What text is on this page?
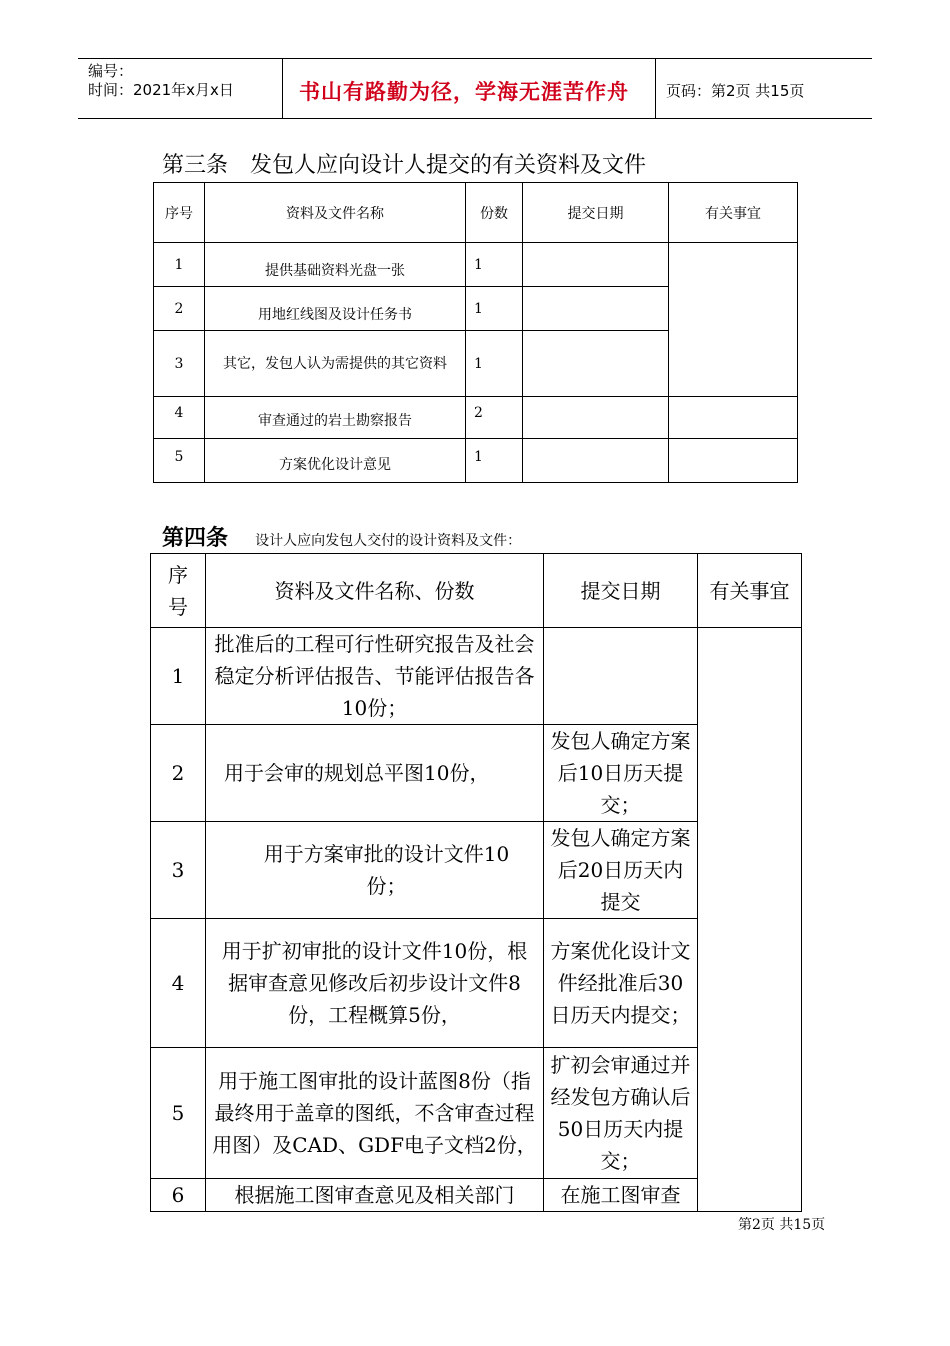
编号：
时间：2021年x月x日	书山有路勤为径，学海无涯苦作舟 页码：第2页 共15页
第三条　发包人应向设计人提交的有关资料及文件
序号	资料及文件名称	份数	提交日期	有关事宜
1	提供基础资料光盘一张	1		
2	用地红线图及设计任务书	1		
3	其它，发包人认为需提供的其它资料	1		
4	审查通过的岩土勘察报告	2		
5	方案优化设计意见	1		
第四条 设计人应向发包人交付的设计资料及文件：
序号	资料及文件名称、份数	提交日期	有关事宜
1	批准后的工程可行性研究报告及社会稳定分析评估报告、节能评估报告各10份；		
2	用于会审的规划总平图10份，	发包人确定方案后10日历天提交；	
3	用于方案审批的设计文件10份；	发包人确定方案后20日历天内提交	
4	用于扩初审批的设计文件10份，根据审查意见修改后初步设计文件8份，工程概算5份，	方案优化设计文件经批准后30日历天内提交；	
5	用于施工图审批的设计蓝图8份（指最终用于盖章的图纸，不含审查过程用图）及CAD、GDF电子文档2份，	扩初会审通过并经发包方确认后50日历天内提交；	
6	根据施工图审查意见及相关部门	在施工图审查	
第2页 共15页
